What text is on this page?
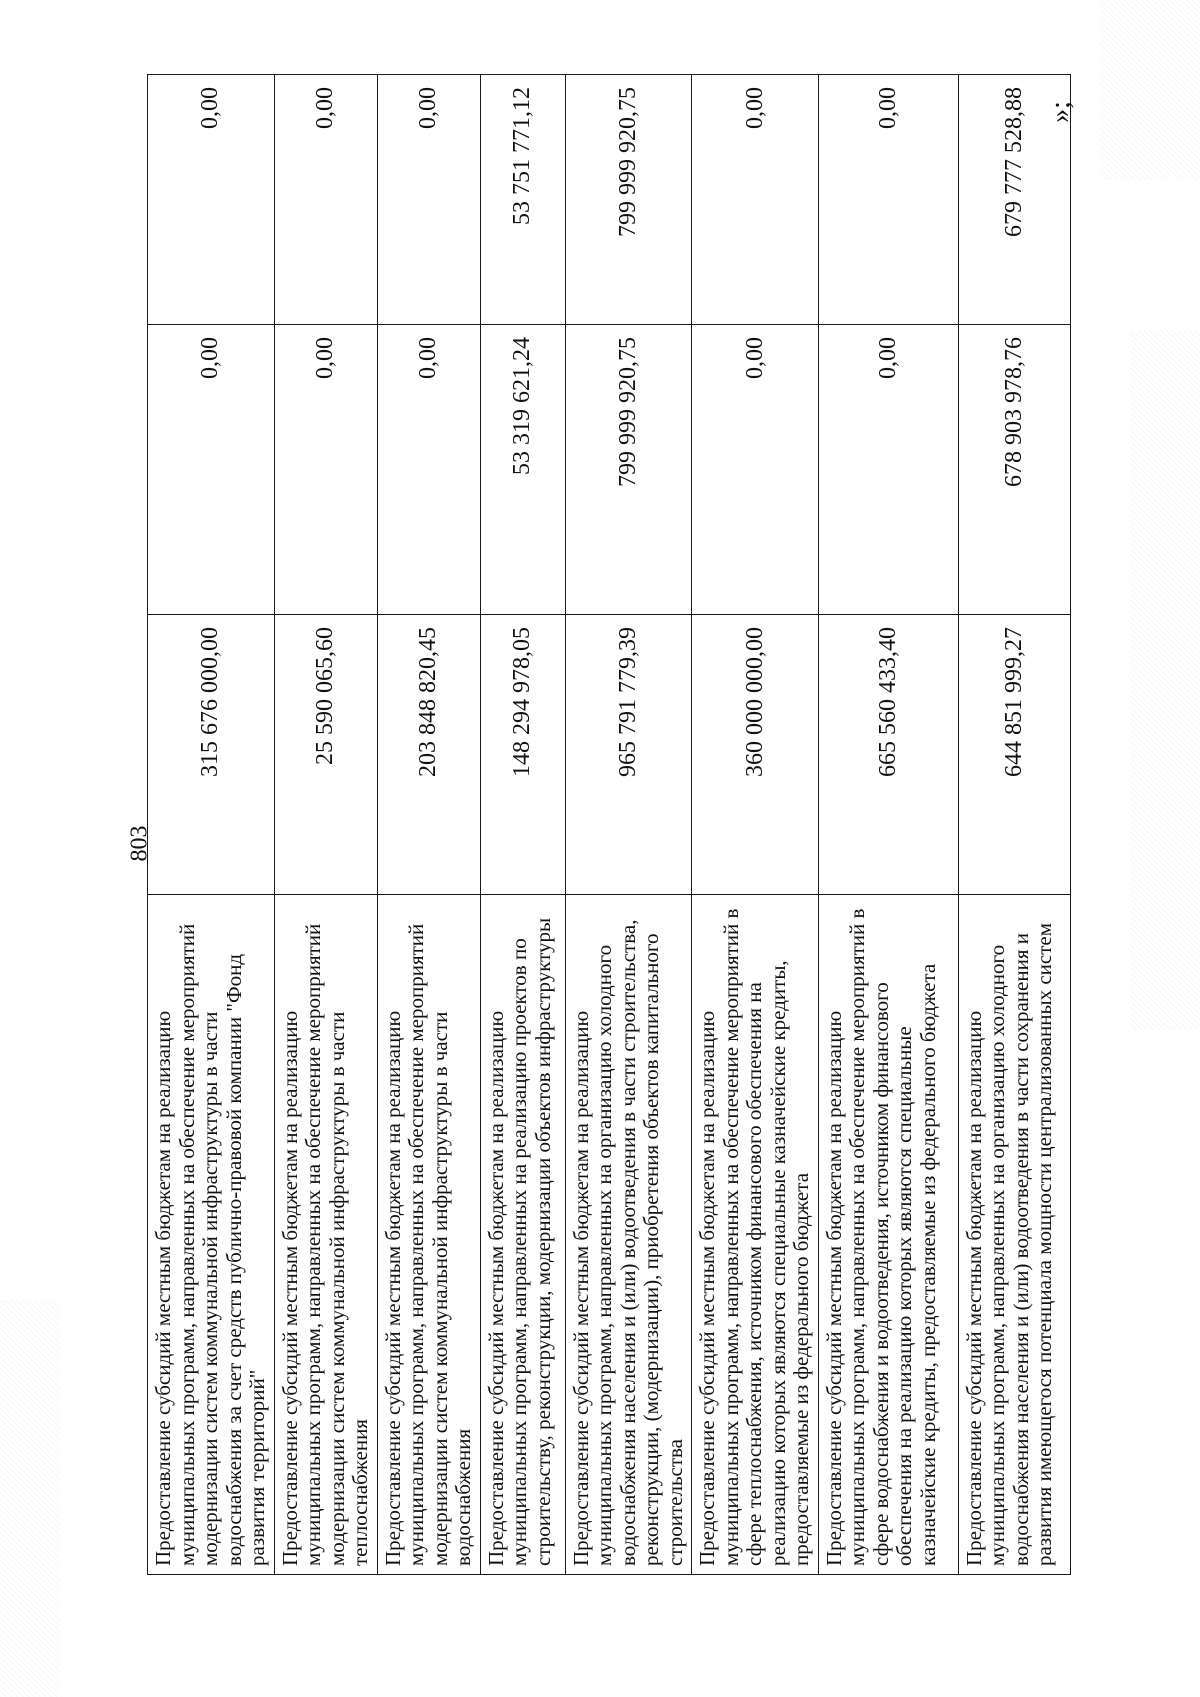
803
Предоставление субсидий местным бюджетам на реализацию муниципальных программ, направленных на обеспечение мероприятий модернизации систем коммунальной инфраструктуры в части водоснабжения за счет средств публично-правовой компании "Фонд развития территорий"	315 676 000,00	0,00	0,00
Предоставление субсидий местным бюджетам на реализацию муниципальных программ, направленных на обеспечение мероприятий модернизации систем коммунальной инфраструктуры в части теплоснабжения	25 590 065,60	0,00	0,00
Предоставление субсидий местным бюджетам на реализацию муниципальных программ, направленных на обеспечение мероприятий модернизации систем коммунальной инфраструктуры в части водоснабжения	203 848 820,45	0,00	0,00
Предоставление субсидий местным бюджетам на реализацию муниципальных программ, направленных на реализацию проектов по строительству, реконструкции, модернизации объектов инфраструктуры	148 294 978,05	53 319 621,24	53 751 771,12
Предоставление субсидий местным бюджетам на реализацию муниципальных программ, направленных на организацию холодного водоснабжения населения и (или) водоотведения в части строительства, реконструкции, (модернизации), приобретения объектов капитального строительства	965 791 779,39	799 999 920,75	799 999 920,75
Предоставление субсидий местным бюджетам на реализацию муниципальных программ, направленных на обеспечение мероприятий в сфере теплоснабжения, источником финансового обеспечения на реализацию которых являются специальные казначейские кредиты, предоставляемые из федерального бюджета	360 000 000,00	0,00	0,00
Предоставление субсидий местным бюджетам на реализацию муниципальных программ, направленных на обеспечение мероприятий в сфере водоснабжения и водоотведения, источником финансового обеспечения на реализацию которых являются специальные казначейские кредиты, предоставляемые из федерального бюджета	665 560 433,40	0,00	0,00
Предоставление субсидий местным бюджетам на реализацию муниципальных программ, направленных на организацию холодного водоснабжения населения и (или) водоотведения в части сохранения и развития имеющегося потенциала мощности централизованных систем	644 851 999,27	678 903 978,76	679 777 528,88 »;
